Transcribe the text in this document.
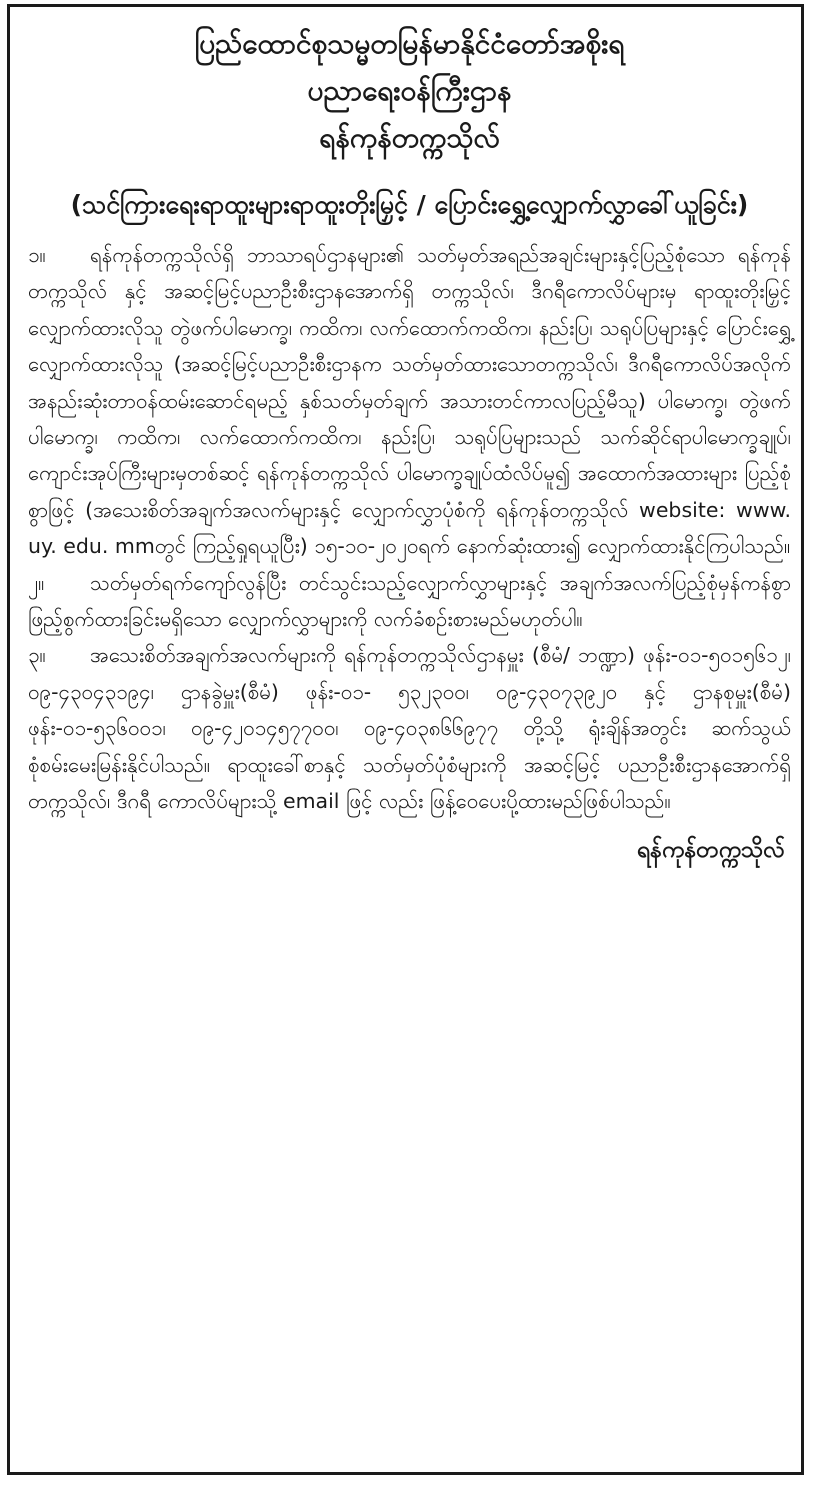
ပြည်ထောင်စုသမ္မတမြန်မာနိုင်ငံတော်အစိုးရ

ပညာရေးဝန်ကြီးဌာန

ရန်ကုန်တက္ကသိုလ်

(သင်ကြားရေးရာထူးများရာထူးတိုးမြှင့် / ပြောင်းရွှေ့လျှောက်လွှာခေါ်ယူခြင်း)

၁။ ရန်ကုန်တက္ကသိုလ်ရှိ ဘာသာရပ်ဌာနများ၏ သတ်မှတ်အရည်အချင်းများနှင့်ပြည့်စုံသော ရန်ကုန်တက္ကသိုလ် နှင့် အဆင့်မြင့်ပညာဦးစီးဌာနအောက်ရှိ တက္ကသိုလ်၊ ဒီဂရီကောလိပ်များမှ ရာထူးတိုးမြှင့်လျှောက်ထားလိုသူ တွဲဖက်ပါမောက္ခ၊ ကထိက၊ လက်ထောက်ကထိက၊ နည်းပြ၊ သရုပ်ပြများနှင့် ပြောင်းရွှေ့လျှောက်ထားလိုသူ (အဆင့်မြင့်ပညာဦးစီးဌာနက သတ်မှတ်ထားသောတက္ကသိုလ်၊ ဒီဂရီကောလိပ်အလိုက် အနည်းဆုံးတာဝန်ထမ်းဆောင်ရမည့် နှစ်သတ်မှတ်ချက် အသားတင်ကာလပြည့်မီသူ) ပါမောက္ခ၊ တွဲဖက်ပါမောက္ခ၊ ကထိက၊ လက်ထောက်ကထိက၊ နည်းပြ၊ သရုပ်ပြများသည် သက်ဆိုင်ရာပါမောက္ခချုပ်၊ ကျောင်းအုပ်ကြီးများမှတစ်ဆင့် ရန်ကုန်တက္ကသိုလ် ပါမောက္ခချုပ်ထံလိပ်မူ၍ အထောက်အထားများ ပြည့်စုံစွာဖြင့် (အသေးစိတ်အချက်အလက်များနှင့် လျှောက်လွှာပုံစံကို ရန်ကုန်တက္ကသိုလ် website: www. uy. edu. mmတွင် ကြည့်ရှုရယူပြီး) ၁၅-၁၀-၂၀၂၀ရက် နောက်ဆုံးထား၍ လျှောက်ထားနိုင်ကြပါသည်။

၂။ သတ်မှတ်ရက်ကျော်လွန်ပြီး တင်သွင်းသည့်လျှောက်လွှာများနှင့် အချက်အလက်ပြည့်စုံမှန်ကန်စွာ ဖြည့်စွက်ထားခြင်းမရှိသော လျှောက်လွှာများကို လက်ခံစဉ်းစားမည်မဟုတ်ပါ။

၃။ အသေးစိတ်အချက်အလက်များကို ရန်ကုန်တက္ကသိုလ်ဌာနမှူး (စီမံ/ ဘဏ္ဍာ) ဖုန်း-၀၁-၅၀၁၅၆၁၂၊ ၀၉-၄၃၀၄၃၁၉၄၊ ဌာနခွဲမှူး(စီမံ) ဖုန်း-၀၁- ၅၃၂၃၀၀၊ ၀၉-၄၃၀၇၃၉၂၀ နှင့် ဌာနစုမှူး(စီမံ) ဖုန်း-၀၁-၅၃၆၀၀၁၊ ၀၉-၄၂၀၁၄၅၇၇၀၀၊ ၀၉-၄၀၃၈၆၆၉၇၇ တို့သို့ ရုံးချိန်အတွင်း ဆက်သွယ် စုံစမ်းမေးမြန်းနိုင်ပါသည်။ ရာထူးခေါ်စာနှင့် သတ်မှတ်ပုံစံများကို အဆင့်မြင့် ပညာဦးစီးဌာနအောက်ရှိ တက္ကသိုလ်၊ ဒီဂရီ ကောလိပ်များသို့ email ဖြင့် လည်း ဖြန့်ဝေပေးပို့ထားမည်ဖြစ်ပါသည်။

ရန်ကုန်တက္ကသိုလ်
